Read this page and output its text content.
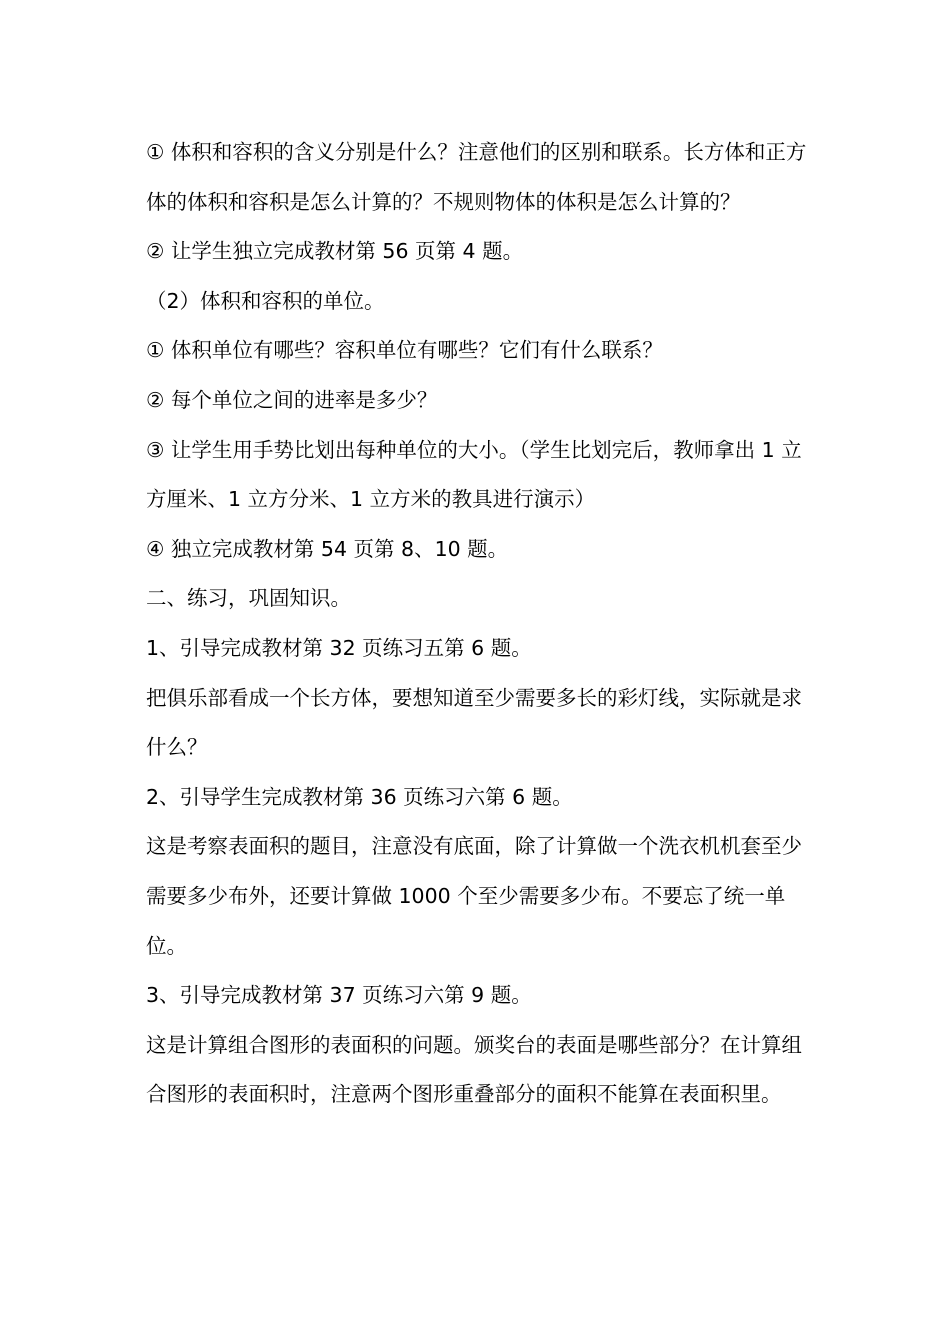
① 体积和容积的含义分别是什么？注意他们的区别和联系。长方体和正方体的体积和容积是怎么计算的？不规则物体的体积是怎么计算的？

② 让学生独立完成教材第 56 页第 4 题。

（2）体积和容积的单位。

① 体积单位有哪些？容积单位有哪些？它们有什么联系？

② 每个单位之间的进率是多少？

③ 让学生用手势比划出每种单位的大小。（学生比划完后，教师拿出 1 立方厘米、1 立方分米、1 立方米的教具进行演示）

④ 独立完成教材第 54 页第 8、10 题。

二、练习，巩固知识。

1、引导完成教材第 32 页练习五第 6 题。

把俱乐部看成一个长方体，要想知道至少需要多长的彩灯线，实际就是求什么？

2、引导学生完成教材第 36 页练习六第 6 题。

这是考察表面积的题目，注意没有底面，除了计算做一个洗衣机机套至少需要多少布外，还要计算做 1000 个至少需要多少布。不要忘了统一单位。

3、引导完成教材第 37 页练习六第 9 题。

这是计算组合图形的表面积的问题。颁奖台的表面是哪些部分？在计算组合图形的表面积时，注意两个图形重叠部分的面积不能算在表面积里。
